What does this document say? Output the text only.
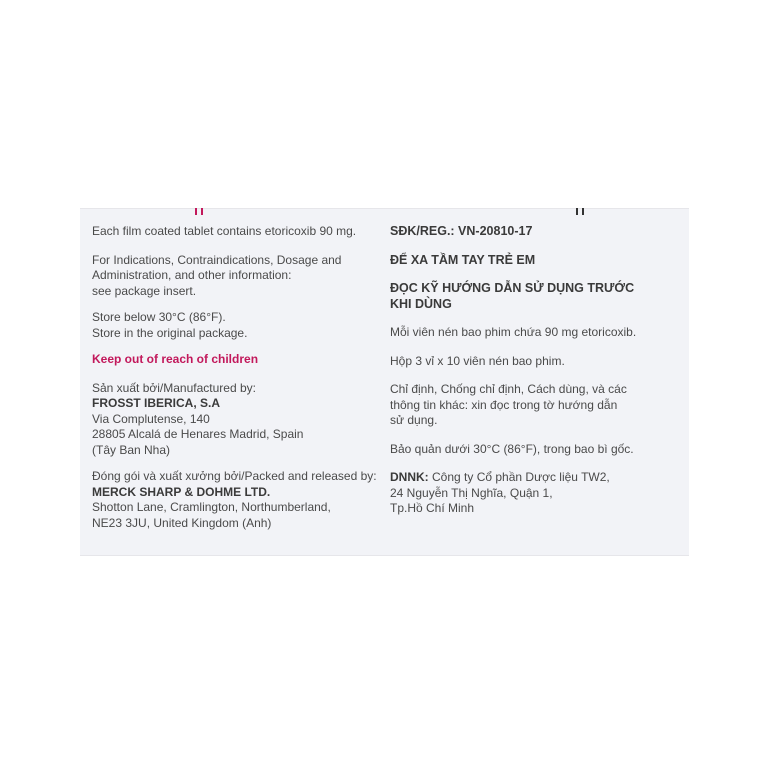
Each film coated tablet contains etoricoxib 90 mg.

For Indications, Contraindications, Dosage and
Administration, and other information:
see package insert.

Store below 30°C (86°F).
Store in the original package.

Keep out of reach of children

Sản xuất bởi/Manufactured by:
FROSST IBERICA, S.A
Via Complutense, 140
28805 Alcalá de Henares Madrid, Spain
(Tây Ban Nha)

Đóng gói và xuất xưởng bởi/Packed and released by:
MERCK SHARP & DOHME LTD.
Shotton Lane, Cramlington, Northumberland,
NE23 3JU, United Kingdom (Anh)

SĐK/REG.: VN-20810-17

ĐỂ XA TẦM TAY TRẺ EM

ĐỌC KỸ HƯỚNG DẪN SỬ DỤNG TRƯỚC
KHI DÙNG

Mỗi viên nén bao phim chứa 90 mg etoricoxib.

Hộp 3 vỉ x 10 viên nén bao phim.

Chỉ định, Chống chỉ định, Cách dùng, và các
thông tin khác: xin đọc trong tờ hướng dẫn
sử dụng.

Bảo quản dưới 30°C (86°F), trong bao bì gốc.

DNNK: Công ty Cổ phần Dược liệu TW2,
24 Nguyễn Thị Nghĩa, Quận 1,
Tp.Hồ Chí Minh
